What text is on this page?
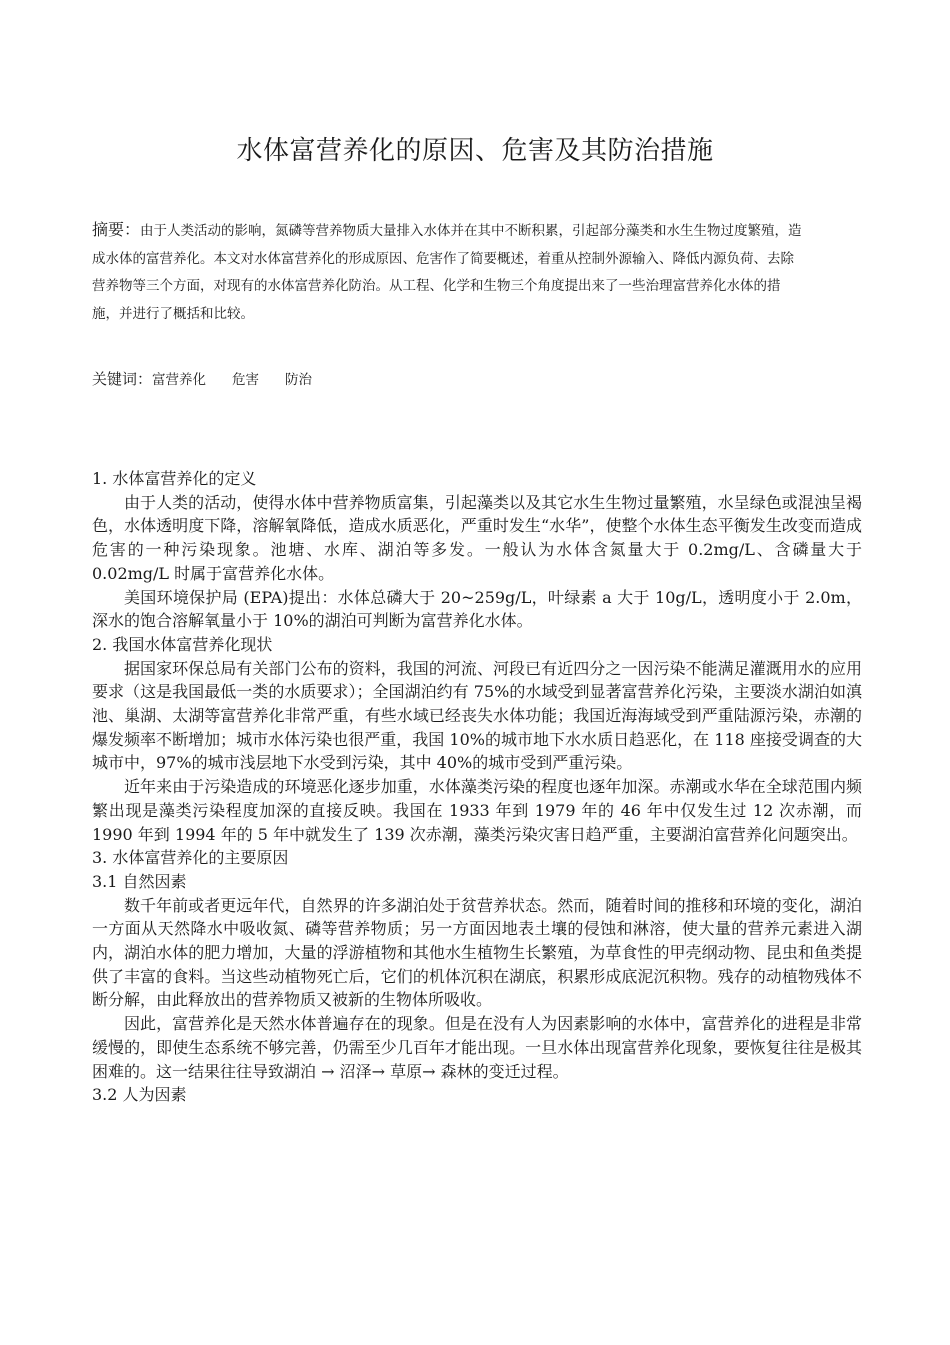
水体富营养化的原因、危害及其防治措施
摘要：由于人类活动的影响，氮磷等营养物质大量排入水体并在其中不断积累，引起部分藻类和水生生物过度繁殖，造成水体的富营养化。本文对水体富营养化的形成原因、危害作了简要概述，着重从控制外源输入、降低内源负荷、去除营养物等三个方面，对现有的水体富营养化防治。从工程、化学和生物三个角度提出来了一些治理富营养化水体的措施，并进行了概括和比较。
关键词：富营养化 危害 防治

1. 水体富营养化的定义

由于人类的活动，使得水体中营养物质富集，引起藻类以及其它水生生物过量繁殖，水呈绿色或混浊呈褐色，水体透明度下降，溶解氧降低，造成水质恶化，严重时发生“水华”，使整个水体生态平衡发生改变而造成危害的一种污染现象。池塘、水库、湖泊等多发。一般认为水体含氮量大于 0.2mg/L、含磷量大于 0.02mg/L 时属于富营养化水体。

美国环境保护局 (EPA)提出：水体总磷大于 20~259g/L，叶绿素 a 大于 10g/L，透明度小于 2.0m，深水的饱合溶解氧量小于 10%的湖泊可判断为富营养化水体。

2. 我国水体富营养化现状

据国家环保总局有关部门公布的资料，我国的河流、河段已有近四分之一因污染不能满足灌溉用水的应用要求（这是我国最低一类的水质要求）；全国湖泊约有 75%的水域受到显著富营养化污染，主要淡水湖泊如滇池、巢湖、太湖等富营养化非常严重，有些水域已经丧失水体功能；我国近海海域受到严重陆源污染，赤潮的爆发频率不断增加；城市水体污染也很严重，我国 10%的城市地下水水质日趋恶化，在 118 座接受调查的大城市中，97%的城市浅层地下水受到污染，其中 40%的城市受到严重污染。

近年来由于污染造成的环境恶化逐步加重，水体藻类污染的程度也逐年加深。赤潮或水华在全球范围内频繁出现是藻类污染程度加深的直接反映。我国在 1933 年到 1979 年的 46 年中仅发生过 12 次赤潮，而 1990 年到 1994 年的 5 年中就发生了 139 次赤潮，藻类污染灾害日趋严重，主要湖泊富营养化问题突出。

3. 水体富营养化的主要原因

3.1 自然因素

数千年前或者更远年代，自然界的许多湖泊处于贫营养状态。然而，随着时间的推移和环境的变化，湖泊一方面从天然降水中吸收氮、磷等营养物质；另一方面因地表土壤的侵蚀和淋溶，使大量的营养元素进入湖内，湖泊水体的肥力增加，大量的浮游植物和其他水生植物生长繁殖，为草食性的甲壳纲动物、昆虫和鱼类提供了丰富的食料。当这些动植物死亡后，它们的机体沉积在湖底，积累形成底泥沉积物。残存的动植物残体不断分解，由此释放出的营养物质又被新的生物体所吸收。

因此，富营养化是天然水体普遍存在的现象。但是在没有人为因素影响的水体中，富营养化的进程是非常缓慢的，即使生态系统不够完善，仍需至少几百年才能出现。一旦水体出现富营养化现象，要恢复往往是极其困难的。这一结果往往导致湖泊 → 沼泽→ 草原→ 森林的变迁过程。

3.2 人为因素
